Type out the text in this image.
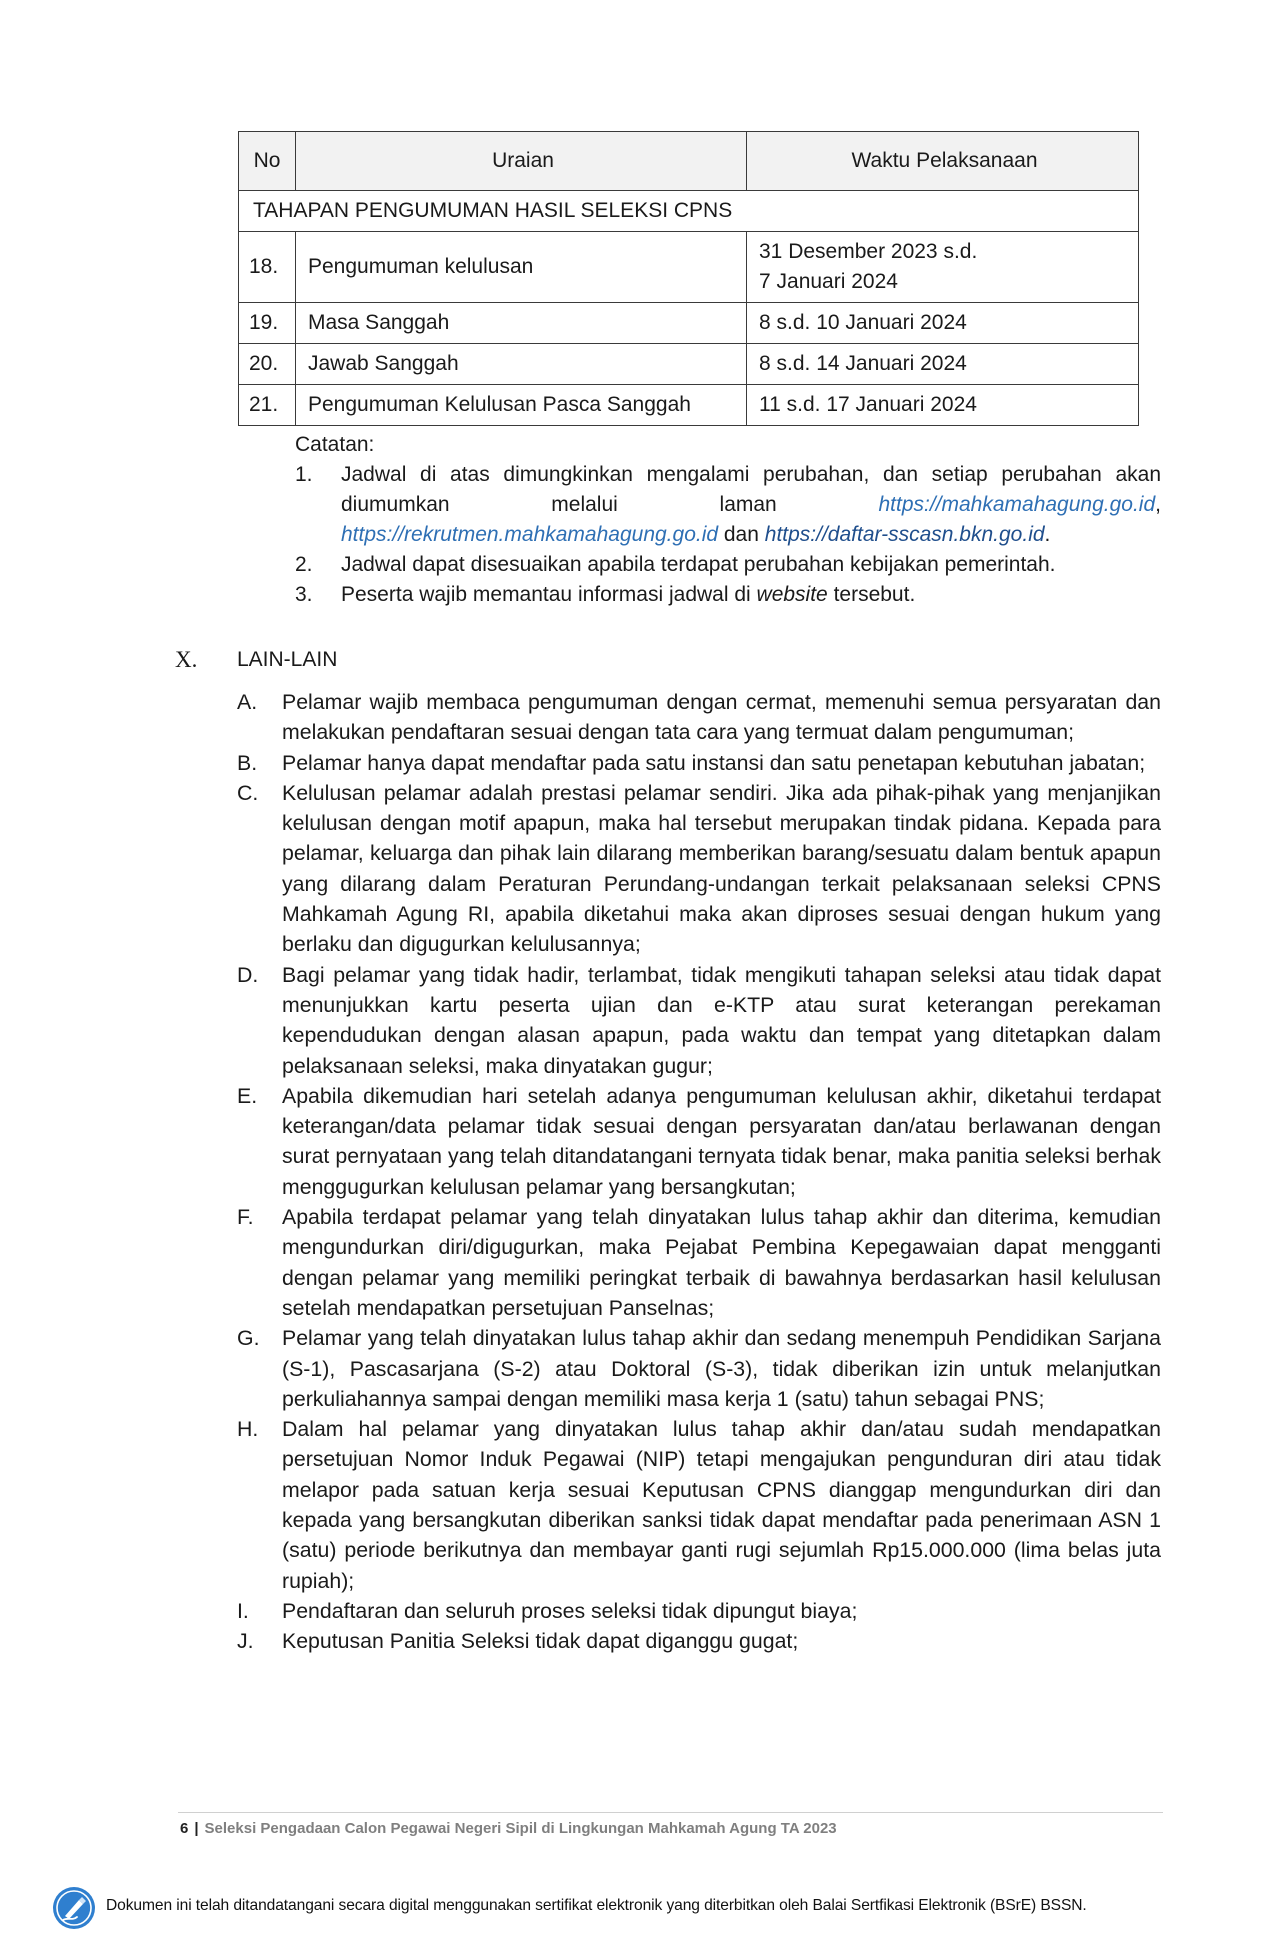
No	Uraian	Waktu Pelaksanaan
TAHAPAN PENGUMUMAN HASIL SELEKSI CPNS		
18.	Pengumuman kelulusan	31 Desember 2023 s.d.
7 Januari 2024

19.	Masa Sanggah	8 s.d. 10 Januari 2024
20.	Jawab Sanggah	8 s.d. 14 Januari 2024
21.	Pengumuman Kelulusan Pasca Sanggah	11 s.d. 17 Januari 2024

Catatan:

1. Jadwal di atas dimungkinkan mengalami perubahan, dan setiap perubahan akan diumumkan melalui laman https://mahkamahagung.go.id, https://rekrutmen.mahkamahagung.go.id dan https://daftar-sscasn.bkn.go.id.
2. Jadwal dapat disesuaikan apabila terdapat perubahan kebijakan pemerintah.
3. Peserta wajib memantau informasi jadwal di website tersebut.
X. LAIN-LAIN
A. Pelamar wajib membaca pengumuman dengan cermat, memenuhi semua persyaratan dan melakukan pendaftaran sesuai dengan tata cara yang termuat dalam pengumuman;
B. Pelamar hanya dapat mendaftar pada satu instansi dan satu penetapan kebutuhan jabatan;
C. Kelulusan pelamar adalah prestasi pelamar sendiri. Jika ada pihak-pihak yang menjanjikan kelulusan dengan motif apapun, maka hal tersebut merupakan tindak pidana. Kepada para pelamar, keluarga dan pihak lain dilarang memberikan barang/sesuatu dalam bentuk apapun yang dilarang dalam Peraturan Perundang-undangan terkait pelaksanaan seleksi CPNS Mahkamah Agung RI, apabila diketahui maka akan diproses sesuai dengan hukum yang berlaku dan digugurkan kelulusannya;
D. Bagi pelamar yang tidak hadir, terlambat, tidak mengikuti tahapan seleksi atau tidak dapat menunjukkan kartu peserta ujian dan e-KTP atau surat keterangan perekaman kependudukan dengan alasan apapun, pada waktu dan tempat yang ditetapkan dalam pelaksanaan seleksi, maka dinyatakan gugur;
E. Apabila dikemudian hari setelah adanya pengumuman kelulusan akhir, diketahui terdapat keterangan/data pelamar tidak sesuai dengan persyaratan dan/atau berlawanan dengan surat pernyataan yang telah ditandatangani ternyata tidak benar, maka panitia seleksi berhak menggugurkan kelulusan pelamar yang bersangkutan;
F. Apabila terdapat pelamar yang telah dinyatakan lulus tahap akhir dan diterima, kemudian mengundurkan diri/digugurkan, maka Pejabat Pembina Kepegawaian dapat mengganti dengan pelamar yang memiliki peringkat terbaik di bawahnya berdasarkan hasil kelulusan setelah mendapatkan persetujuan Panselnas;
G. Pelamar yang telah dinyatakan lulus tahap akhir dan sedang menempuh Pendidikan Sarjana (S-1), Pascasarjana (S-2) atau Doktoral (S-3), tidak diberikan izin untuk melanjutkan perkuliahannya sampai dengan memiliki masa kerja 1 (satu) tahun sebagai PNS;
H. Dalam hal pelamar yang dinyatakan lulus tahap akhir dan/atau sudah mendapatkan persetujuan Nomor Induk Pegawai (NIP) tetapi mengajukan pengunduran diri atau tidak melapor pada satuan kerja sesuai Keputusan CPNS dianggap mengundurkan diri dan kepada yang bersangkutan diberikan sanksi tidak dapat mendaftar pada penerimaan ASN 1 (satu) periode berikutnya dan membayar ganti rugi sejumlah Rp15.000.000 (lima belas juta rupiah);
I. Pendaftaran dan seluruh proses seleksi tidak dipungut biaya;
J. Keputusan Panitia Seleksi tidak dapat diganggu gugat;
6 | Seleksi Pengadaan Calon Pegawai Negeri Sipil di Lingkungan Mahkamah Agung TA 2023
Dokumen ini telah ditandatangani secara digital menggunakan sertifikat elektronik yang diterbitkan oleh Balai Sertfikasi Elektronik (BSrE) BSSN.
